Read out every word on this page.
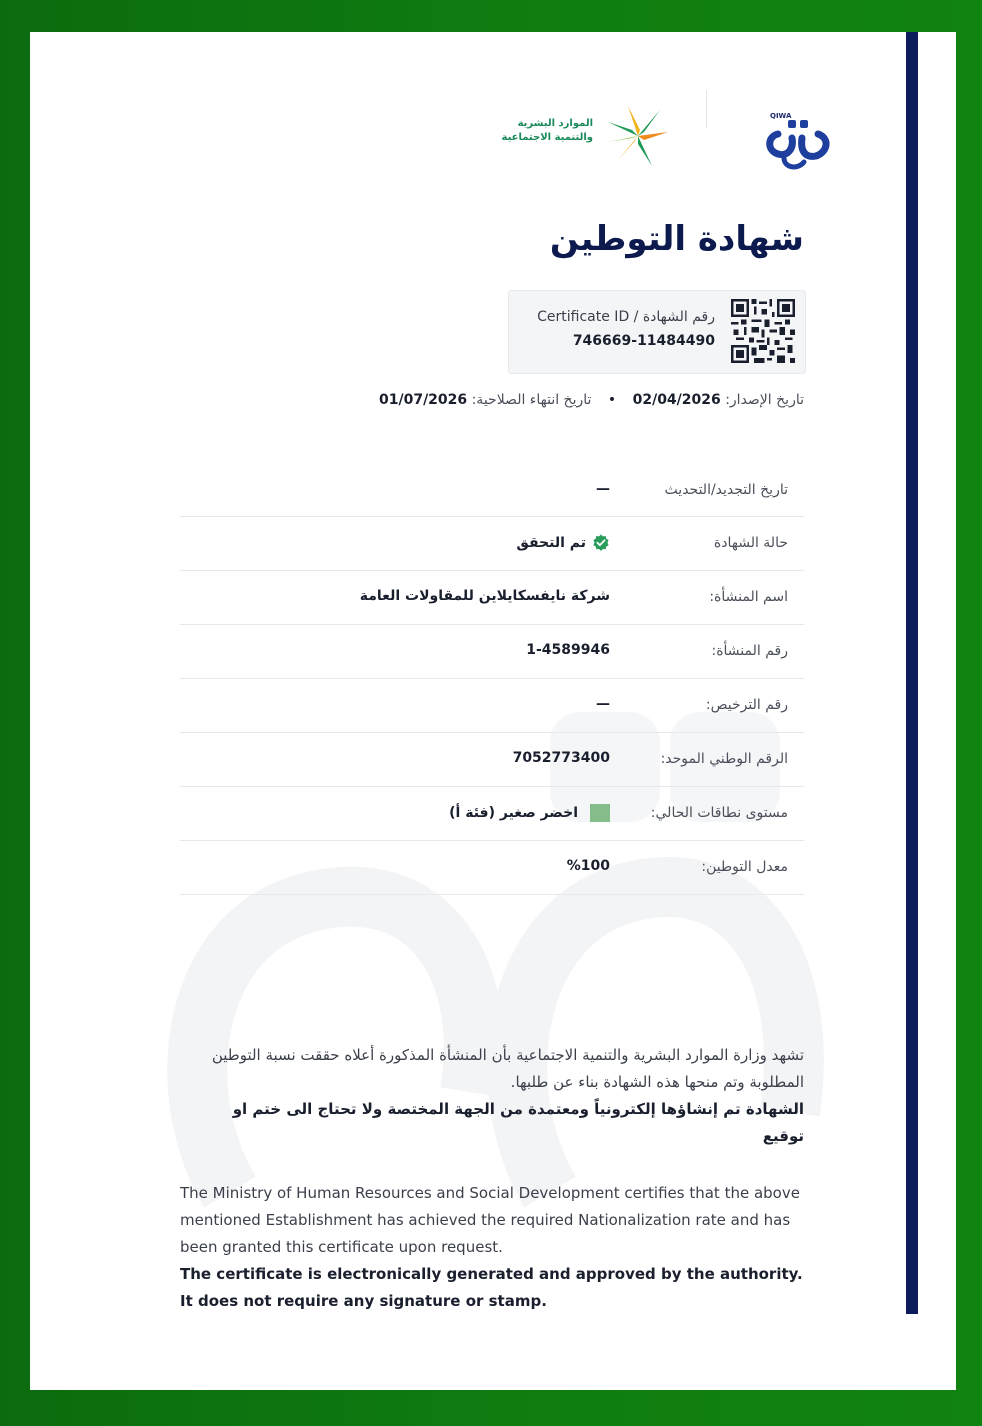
الموارد البشرية
والتنمية الاجتماعية
QIWA
شهادة التوطين
Certificate ID / رقم الشهادة
746669-11484490
تاريخ الإصدار: 02/04/2026 • تاريخ انتهاء الصلاحية: 01/07/2026
تاريخ التجديد/التحديث
—
حالة الشهادة
تم التحقق
اسم المنشأة:
شركة نايفسكايلاين للمقاولات العامة
رقم المنشأة:
1-4589946
رقم الترخيص:
—
الرقم الوطني الموحد:
7052773400
مستوى نطاقات الحالي:
اخضر صغير (فئة أ)
معدل التوطين:
%100

تشهد وزارة الموارد البشرية والتنمية الاجتماعية بأن المنشأة المذكورة أعلاه حققت نسبة التوطين المطلوبة وتم منحها هذه الشهادة بناء عن طلبها.

الشهادة تم إنشاؤها إلكترونياً ومعتمدة من الجهة المختصة ولا تحتاج الى ختم او توقيع

The Ministry of Human Resources and Social Development certifies that the above mentioned Establishment has achieved the required Nationalization rate and has been granted this certificate upon request.

The certificate is electronically generated and approved by the authority. It does not require any signature or stamp.
